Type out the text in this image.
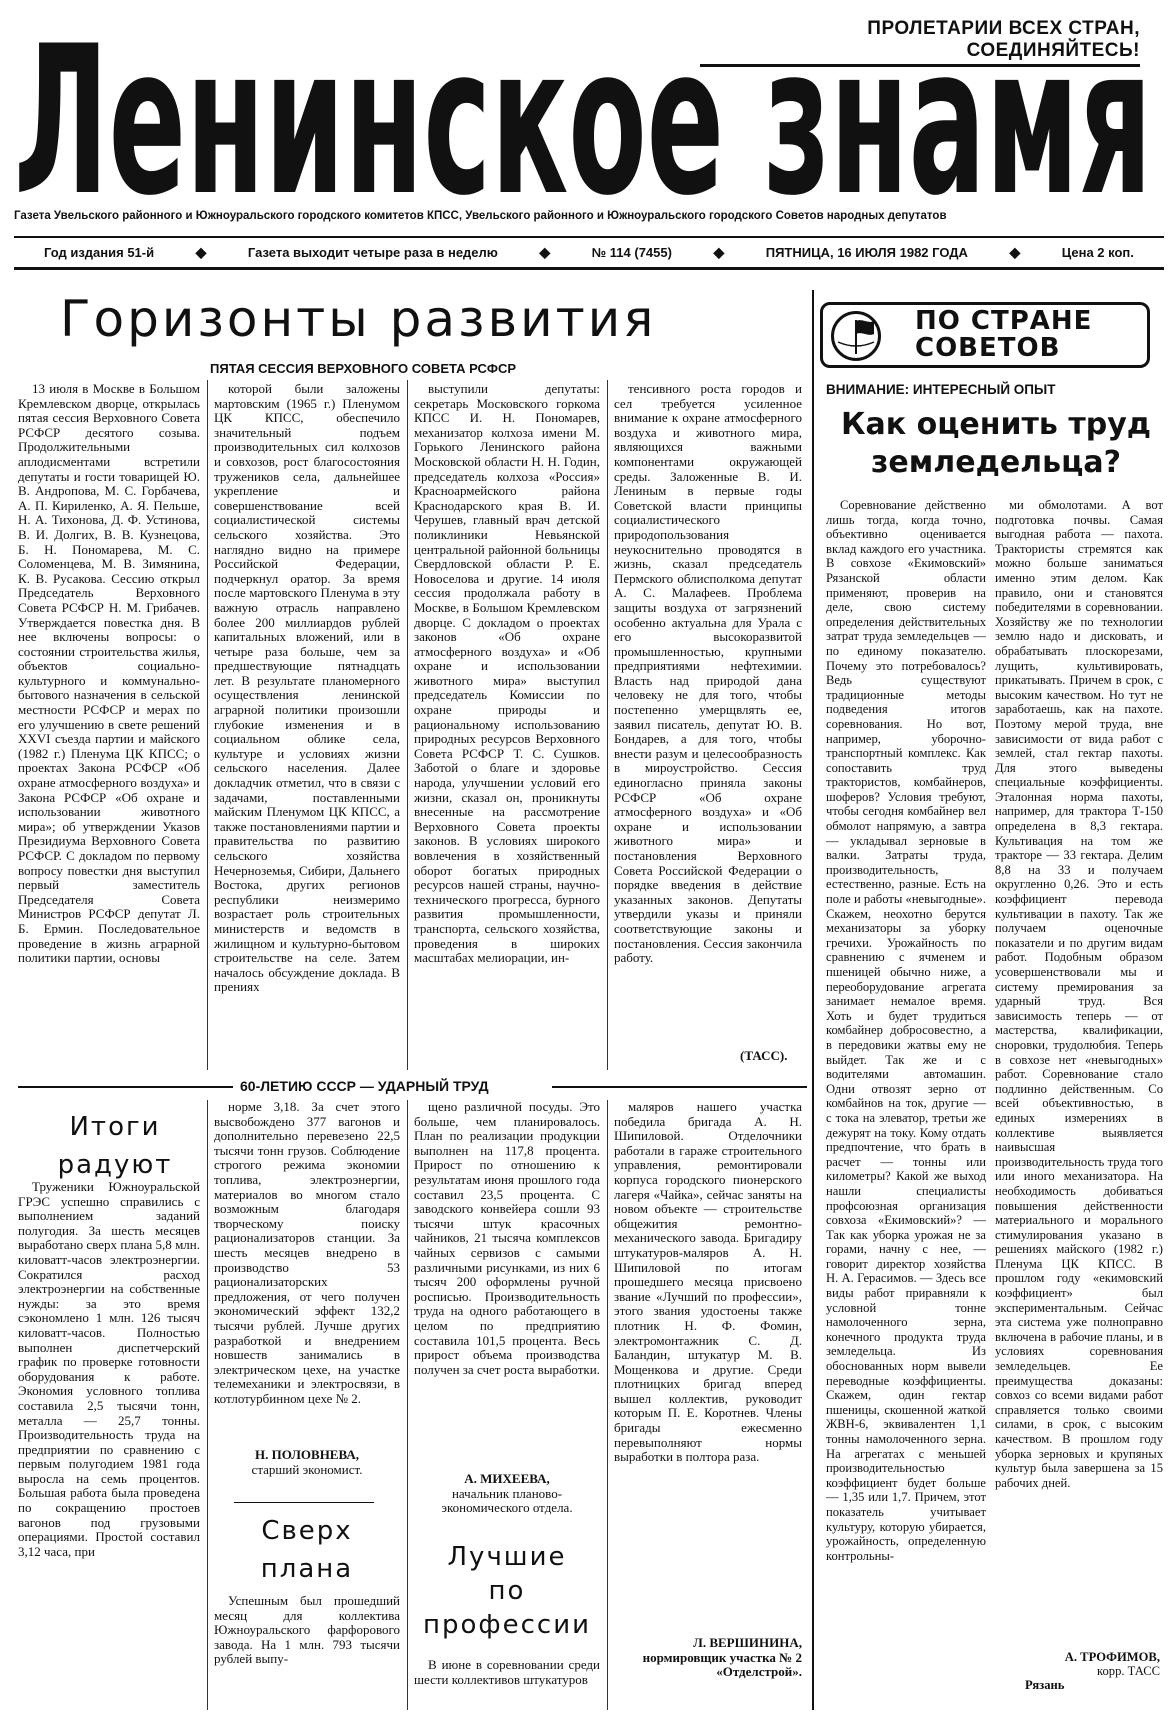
ПРОЛЕТАРИИ ВСЕХ СТРАН, СОЕДИНЯЙТЕСЬ!
Ленинское знамя
Газета Увельского районного и Южноуральского городского комитетов КПСС, Увельского районного и Южноуральского городского Советов народных депутатов
Год издания 51-й	◆	Газета выходит четыре раза в неделю	◆	№ 114 (7455)	◆	ПЯТНИЦА, 16 ИЮЛЯ 1982 ГОДА	◆	Цена 2 коп.
Горизонты развития
ПЯТАЯ СЕССИЯ ВЕРХОВНОГО СОВЕТА РСФСР

13 июля в Москве в Большом Кремлевском дворце, открылась пятая сессия Верховного Совета РСФСР десятого созыва. Продолжительными аплодисментами встретили депутаты и гости товарищей Ю. В. Андропова, М. С. Горбачева, А. П. Кириленко, А. Я. Пельше, Н. А. Тихонова, Д. Ф. Устинова, В. И. Долгих, В. В. Кузнецова, Б. Н. Пономарева, М. С. Соломенцева, М. В. Зимянина, К. В. Русакова. Сессию открыл Председатель Верховного Совета РСФСР Н. М. Грибачев. Утверждается повестка дня. В нее включены вопросы: о состоянии строительства жилья, объектов социально-культурного и коммунально-бытового назначения в сельской местности РСФСР и мерах по его улучшению в свете решений XXVI съезда партии и майского (1982 г.) Пленума ЦК КПСС; о проектах Закона РСФСР «Об охране атмосферного воздуха» и Закона РСФСР «Об охране и использовании животного мира»; об утверждении Указов Президиума Верховного Совета РСФСР. С докладом по первому вопросу повестки дня выступил первый заместитель Председателя Совета Министров РСФСР депутат Л. Б. Ермин. Последовательное проведение в жизнь аграрной политики партии, основы

которой были заложены мартовским (1965 г.) Пленумом ЦК КПСС, обеспечило значительный подъем производительных сил колхозов и совхозов, рост благосостояния тружеников села, дальнейшее укрепление и совершенствование всей социалистической системы сельского хозяйства. Это наглядно видно на примере Российской Федерации, подчеркнул оратор. За время после мартовского Пленума в эту важную отрасль направлено более 200 миллиардов рублей капитальных вложений, или в четыре раза больше, чем за предшествующие пятнадцать лет. В результате планомерного осуществления ленинской аграрной политики произошли глубокие изменения и в социальном облике села, культуре и условиях жизни сельского населения. Далее докладчик отметил, что в связи с задачами, поставленными майским Пленумом ЦК КПСС, а также постановлениями партии и правительства по развитию сельского хозяйства Нечерноземья, Сибири, Дальнего Востока, других регионов республики неизмеримо возрастает роль строительных министерств и ведомств в жилищном и культурно-бытовом строительстве на селе. Затем началось обсуждение доклада. В прениях

выступили депутаты: секретарь Московского горкома КПСС И. Н. Пономарев, механизатор колхоза имени М. Горького Ленинского района Московской области Н. Н. Годин, председатель колхоза «Россия» Красноармейского района Краснодарского края В. И. Черушев, главный врач детской поликлиники Невьянской центральной районной больницы Свердловской области Р. Е. Новоселова и другие. 14 июля сессия продолжала работу в Москве, в Большом Кремлевском дворце. С докладом о проектах законов «Об охране атмосферного воздуха» и «Об охране и использовании животного мира» выступил председатель Комиссии по охране природы и рациональному использованию природных ресурсов Верховного Совета РСФСР Т. С. Сушков. Заботой о благе и здоровье народа, улучшении условий его жизни, сказал он, проникнуты внесенные на рассмотрение Верховного Совета проекты законов. В условиях широкого вовлечения в хозяйственный оборот богатых природных ресурсов нашей страны, научно-технического прогресса, бурного развития промышленности, транспорта, сельского хозяйства, проведения в широких масштабах мелиорации, ин-

тенсивного роста городов и сел требуется усиленное внимание к охране атмосферного воздуха и животного мира, являющихся важными компонентами окружающей среды. Заложенные В. И. Лениным в первые годы Советской власти принципы социалистического природопользования неукоснительно проводятся в жизнь, сказал председатель Пермского облисполкома депутат А. С. Малафеев. Проблема защиты воздуха от загрязнений особенно актуальна для Урала с его высокоразвитой промышленностью, крупными предприятиями нефтехимии. Власть над природой дана человеку не для того, чтобы постепенно умерщвлять ее, заявил писатель, депутат Ю. В. Бондарев, а для того, чтобы внести разум и целесообразность в мироустройство. Сессия единогласно приняла законы РСФСР «Об охране атмосферного воздуха» и «Об охране и использовании животного мира» и постановления Верховного Совета Российской Федерации о порядке введения в действие указанных законов. Депутаты утвердили указы и приняли соответствующие законы и постановления. Сессия закончила работу.

(ТАСС).
ПО СТРАНЕ
СОВЕТОВ
ВНИМАНИЕ: ИНТЕРЕСНЫЙ ОПЫТ
Как оценить труд земледельца?

Соревнование действенно лишь тогда, когда точно, объективно оценивается вклад каждого его участника. В совхозе «Екимовский» Рязанской области применяют, проверив на деле, свою систему определения действительных затрат труда земледельцев — по единому показателю. Почему это потребовалось? Ведь существуют традиционные методы подведения итогов соревнования. Но вот, например, уборочно-транспортный комплекс. Как сопоставить труд трактористов, комбайнеров, шоферов? Условия требуют, чтобы сегодня комбайнер вел обмолот напрямую, а завтра — укладывал зерновые в валки. Затраты труда, производительность, естественно, разные. Есть на поле и работы «невыгодные». Скажем, неохотно берутся механизаторы за уборку гречихи. Урожайность по сравнению с ячменем и пшеницей обычно ниже, а переоборудование агрегата занимает немалое время. Хоть и будет трудиться комбайнер добросовестно, а в передовики жатвы ему не выйдет. Так же и с водителями автомашин. Одни отвозят зерно от комбайнов на ток, другие — с тока на элеватор, третьи же дежурят на току. Кому отдать предпочтение, что брать в расчет — тонны или километры? Какой же выход нашли специалисты профсоюзная организация совхоза «Екимовский»? — Так как уборка урожая не за горами, начну с нее, — говорит директор хозяйства Н. А. Герасимов. — Здесь все виды работ приравняли к условной тонне намолоченного зерна, конечного продукта труда земледельца. Из обоснованных норм вывели переводные коэффициенты. Скажем, один гектар пшеницы, скошенной жаткой ЖВН-6, эквивалентен 1,1 тонны намолоченного зерна. На агрегатах с меньшей производительностью коэффициент будет больше — 1,35 или 1,7. Причем, этот показатель учитывает культуру, которую убирается, урожайность, определенную контрольны-

ми обмолотами. А вот подготовка почвы. Самая выгодная работа — пахота. Трактористы стремятся как можно больше заниматься именно этим делом. Как правило, они и становятся победителями в соревновании. Хозяйству же по технологии землю надо и дисковать, и обрабатывать плоскорезами, лущить, культивировать, прикатывать. Причем в срок, с высоким качеством. Но тут не заработаешь, как на пахоте. Поэтому мерой труда, вне зависимости от вида работ с землей, стал гектар пахоты. Для этого выведены специальные коэффициенты. Эталонная норма пахоты, например, для трактора Т-150 определена в 8,3 гектара. Культивация на том же тракторе — 33 гектара. Делим 8,8 на 33 и получаем округленно 0,26. Это и есть коэффициент перевода культивации в пахоту. Так же получаем оценочные показатели и по другим видам работ. Подобным образом усовершенствовали мы и систему премирования за ударный труд. Вся зависимость теперь — от мастерства, квалификации, сноровки, трудолюбия. Теперь в совхозе нет «невыгодных» работ. Соревнование стало подлинно действенным. Со всей объективностью, в единых измерениях в коллективе выявляется наивысшая производительность труда того или иного механизатора. На необходимость добиваться повышения действенности материального и морального стимулирования указано в решениях майского (1982 г.) Пленума ЦК КПСС. В прошлом году «екимовский коэффициент» был экспериментальным. Сейчас эта система уже полноправно включена в рабочие планы, и в условиях соревнования земледельцев. Ее преимущества доказаны: совхоз со всеми видами работ справляется только своими силами, в срок, с высоким качеством. В прошлом году уборка зерновых и крупяных культур была завершена за 15 рабочих дней.

А. ТРОФИМОВ,
корр. ТАСС
Рязань
60-ЛЕТИЮ СССР — УДАРНЫЙ ТРУД
Итоги
радуют

Труженики Южноуральской ГРЭС успешно справились с выполнением заданий полугодия. За шесть месяцев выработано сверх плана 5,8 млн. киловатт-часов электроэнергии. Сократился расход электроэнергии на собственные нужды: за это время сэкономлено 1 млн. 126 тысяч киловатт-часов. Полностью выполнен диспетчерский график по проверке готовности оборудования к работе. Экономия условного топлива составила 2,5 тысячи тонн, металла — 25,7 тонны. Производительность труда на предприятии по сравнению с первым полугодием 1981 года выросла на семь процентов. Большая работа была проведена по сокращению простоев вагонов под грузовыми операциями. Простой составил 3,12 часа, при

норме 3,18. За счет этого высвобождено 377 вагонов и дополнительно перевезено 22,5 тысячи тонн грузов. Соблюдение строгого режима экономии топлива, электроэнергии, материалов во многом стало возможным благодаря творческому поиску рационализаторов станции. За шесть месяцев внедрено в производство 53 рационализаторских предложения, от чего получен экономический эффект 132,2 тысячи рублей. Лучше других разработкой и внедрением новшеств занимались в электрическом цехе, на участке телемеханики и электросвязи, в котлотурбинном цехе № 2.

Н. ПОЛОВНЕВА,
старший экономист.
Сверх
плана

Успешным был прошедший месяц для коллектива Южноуральского фарфорового завода. На 1 млн. 793 тысячи рублей выпу-

щено различной посуды. Это больше, чем планировалось. План по реализации продукции выполнен на 117,8 процента. Прирост по отношению к результатам июня прошлого года составил 23,5 процента. С заводского конвейера сошли 93 тысячи штук красочных чайников, 21 тысяча комплексов чайных сервизов с самыми различными рисунками, из них 6 тысяч 200 оформлены ручной росписью. Производительность труда на одного работающего в целом по предприятию составила 101,5 процента. Весь прирост объема производства получен за счет роста выработки.

А. МИХЕЕВА,
начальник планово-экономического отдела.
Лучшие
по
профессии

В июне в соревновании среди шести коллективов штукатуров

маляров нашего участка победила бригада А. Н. Шипиловой. Отделочники работали в гараже строительного управления, ремонтировали корпуса городского пионерского лагеря «Чайка», сейчас заняты на новом объекте — строительстве общежития ремонтно-механического завода. Бригадиру штукатуров-маляров А. Н. Шипиловой по итогам прошедшего месяца присвоено звание «Лучший по профессии», этого звания удостоены также плотник Н. Ф. Фомин, электромонтажник С. Д. Баландин, штукатур М. В. Мощенкова и другие. Среди плотницких бригад вперед вышел коллектив, руководит которым П. Е. Коротнев. Члены бригады ежесменно перевыполняют нормы выработки в полтора раза.

Л. ВЕРШИНИНА,
нормировщик участка № 2 «Отделстрой».
